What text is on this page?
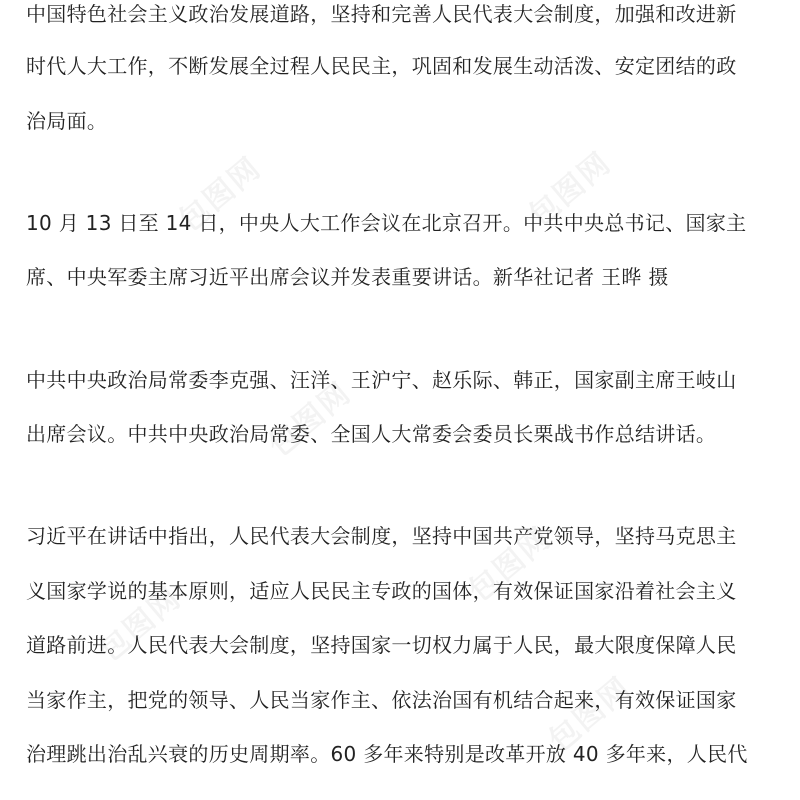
包图网	包图网
包图网
包图网
包图网
包图网
中国特色社会主义政治发展道路，坚持和完善人民代表大会制度，加强和改进新
时代人大工作，不断发展全过程人民民主，巩固和发展生动活泼、安定团结的政
治局面。
10 月 13 日至 14 日，中央人大工作会议在北京召开。中共中央总书记、国家主
席、中央军委主席习近平出席会议并发表重要讲话。新华社记者 王晔 摄
中共中央政治局常委李克强、汪洋、王沪宁、赵乐际、韩正，国家副主席王岐山
出席会议。中共中央政治局常委、全国人大常委会委员长栗战书作总结讲话。
习近平在讲话中指出，人民代表大会制度，坚持中国共产党领导，坚持马克思主
义国家学说的基本原则，适应人民民主专政的国体，有效保证国家沿着社会主义
道路前进。人民代表大会制度，坚持国家一切权力属于人民，最大限度保障人民
当家作主，把党的领导、人民当家作主、依法治国有机结合起来，有效保证国家
治理跳出治乱兴衰的历史周期率。60 多年来特别是改革开放 40 多年来，人民代
